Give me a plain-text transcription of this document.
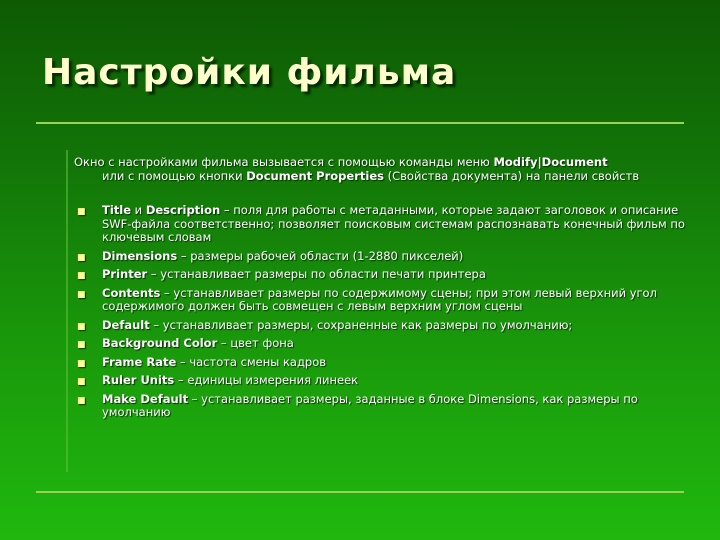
Настройки фильма

Окно с настройками фильма вызывается с помощью команды меню Modify|Document
или с помощью кнопки Document Properties (Свойства документа) на панели свойств

■ Title и Description – поля для работы с метаданными, которые задают заголовок и описание SWF-файла соответственно; позволяет поисковым системам распознавать конечный фильм по ключевым словам
■ Dimensions – размеры рабочей области (1-2880 пикселей)
■ Printer – устанавливает размеры по области печати принтера
■ Contents – устанавливает размеры по содержимому сцены; при этом левый верхний угол содержимого должен быть совмещен с левым верхним углом сцены
■ Default – устанавливает размеры, сохраненные как размеры по умолчанию;
■ Background Color – цвет фона
■ Frame Rate – частота смены кадров
■ Ruler Units – единицы измерения линеек
■ Make Default – устанавливает размеры, заданные в блоке Dimensions, как размеры по умолчанию
